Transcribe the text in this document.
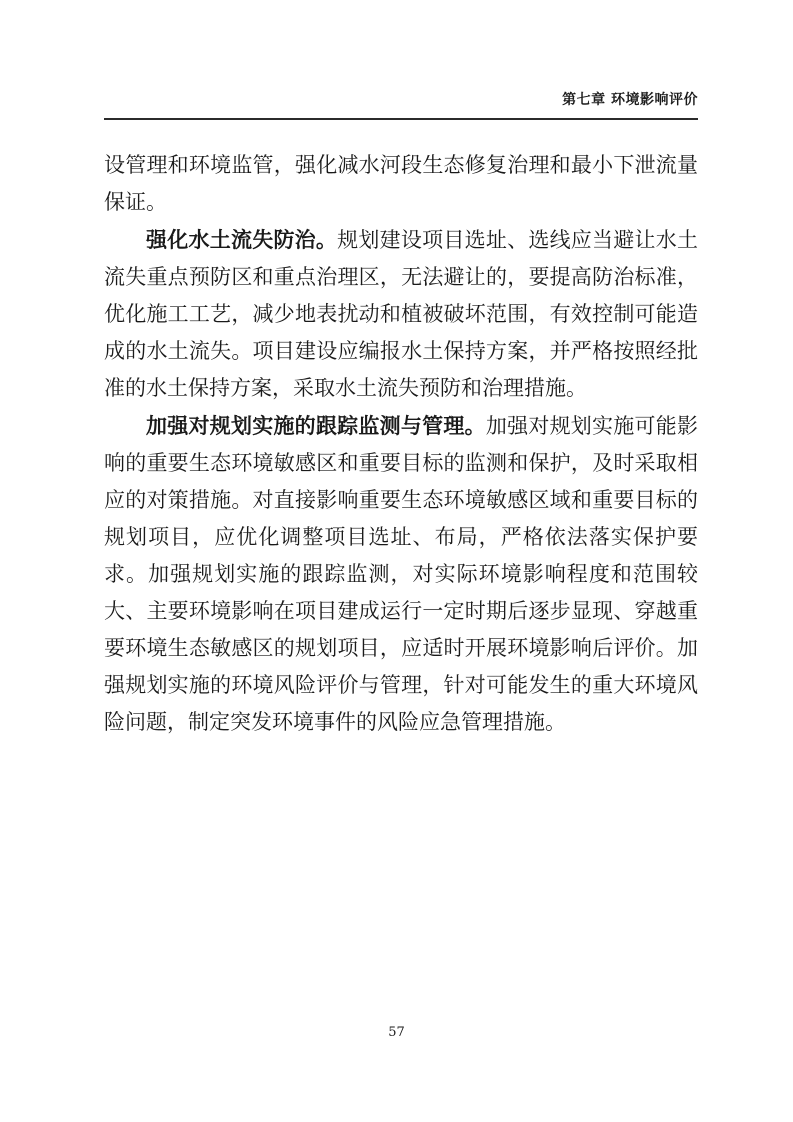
第七章 环境影响评价

设管理和环境监管，强化减水河段生态修复治理和最小下泄流量保证。

强化水土流失防治。规划建设项目选址、选线应当避让水土流失重点预防区和重点治理区，无法避让的，要提高防治标准，优化施工工艺，减少地表扰动和植被破坏范围，有效控制可能造成的水土流失。项目建设应编报水土保持方案，并严格按照经批准的水土保持方案，采取水土流失预防和治理措施。

加强对规划实施的跟踪监测与管理。加强对规划实施可能影响的重要生态环境敏感区和重要目标的监测和保护，及时采取相应的对策措施。对直接影响重要生态环境敏感区域和重要目标的规划项目，应优化调整项目选址、布局，严格依法落实保护要求。加强规划实施的跟踪监测，对实际环境影响程度和范围较大、主要环境影响在项目建成运行一定时期后逐步显现、穿越重要环境生态敏感区的规划项目，应适时开展环境影响后评价。加强规划实施的环境风险评价与管理，针对可能发生的重大环境风险问题，制定突发环境事件的风险应急管理措施。

57
